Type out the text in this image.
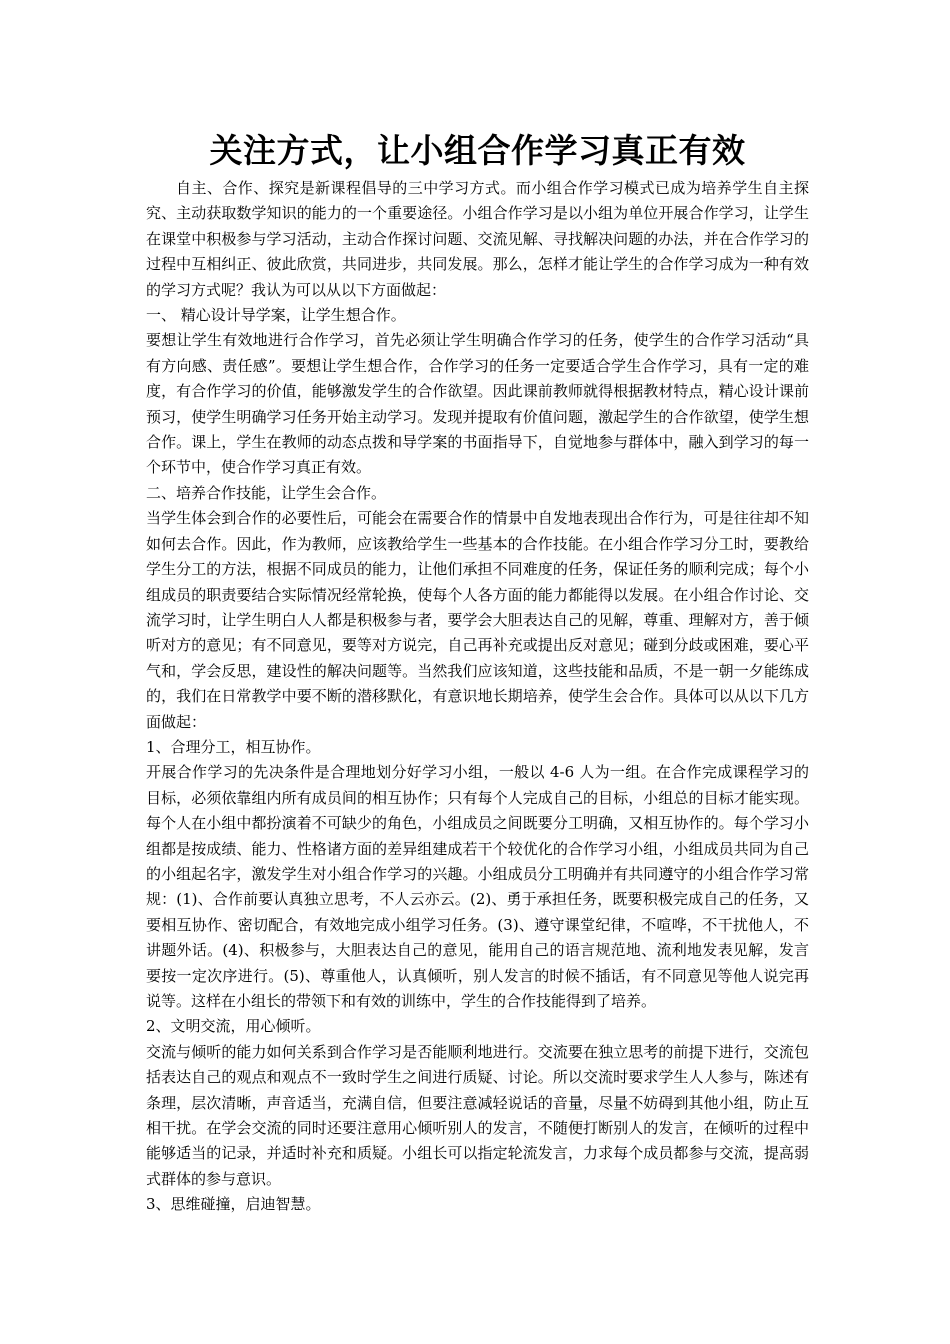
关注方式，让小组合作学习真正有效

自主、合作、探究是新课程倡导的三中学习方式。而小组合作学习模式已成为培养学生自主探究、主动获取数学知识的能力的一个重要途径。小组合作学习是以小组为单位开展合作学习，让学生在课堂中积极参与学习活动，主动合作探讨问题、交流见解、寻找解决问题的办法，并在合作学习的过程中互相纠正、彼此欣赏，共同进步，共同发展。那么，怎样才能让学生的合作学习成为一种有效的学习方式呢？我认为可以从以下方面做起：

一、 精心设计导学案，让学生想合作。

要想让学生有效地进行合作学习，首先必须让学生明确合作学习的任务，使学生的合作学习活动“具有方向感、责任感”。要想让学生想合作，合作学习的任务一定要适合学生合作学习，具有一定的难度，有合作学习的价值，能够激发学生的合作欲望。因此课前教师就得根据教材特点，精心设计课前预习，使学生明确学习任务开始主动学习。发现并提取有价值问题，激起学生的合作欲望，使学生想合作。课上，学生在教师的动态点拨和导学案的书面指导下，自觉地参与群体中，融入到学习的每一个环节中，使合作学习真正有效。

二、培养合作技能，让学生会合作。

当学生体会到合作的必要性后，可能会在需要合作的情景中自发地表现出合作行为，可是往往却不知如何去合作。因此，作为教师，应该教给学生一些基本的合作技能。在小组合作学习分工时，要教给学生分工的方法，根据不同成员的能力，让他们承担不同难度的任务，保证任务的顺利完成；每个小组成员的职责要结合实际情况经常轮换，使每个人各方面的能力都能得以发展。在小组合作讨论、交流学习时，让学生明白人人都是积极参与者，要学会大胆表达自己的见解，尊重、理解对方，善于倾听对方的意见；有不同意见，要等对方说完，自己再补充或提出反对意见；碰到分歧或困难，要心平气和，学会反思，建设性的解决问题等。当然我们应该知道，这些技能和品质，不是一朝一夕能练成的，我们在日常教学中要不断的潜移默化，有意识地长期培养，使学生会合作。具体可以从以下几方面做起：

1、合理分工，相互协作。

开展合作学习的先决条件是合理地划分好学习小组，一般以 4-6 人为一组。在合作完成课程学习的目标，必须依靠组内所有成员间的相互协作；只有每个人完成自己的目标，小组总的目标才能实现。每个人在小组中都扮演着不可缺少的角色，小组成员之间既要分工明确，又相互协作的。每个学习小组都是按成绩、能力、性格诸方面的差异组建成若干个较优化的合作学习小组，小组成员共同为自己的小组起名字，激发学生对小组合作学习的兴趣。小组成员分工明确并有共同遵守的小组合作学习常规：(1)、合作前要认真独立思考，不人云亦云。(2)、勇于承担任务，既要积极完成自己的任务，又要相互协作、密切配合，有效地完成小组学习任务。(3)、遵守课堂纪律，不喧哗，不干扰他人，不讲题外话。(4)、积极参与，大胆表达自己的意见，能用自己的语言规范地、流利地发表见解，发言要按一定次序进行。(5)、尊重他人，认真倾听，别人发言的时候不插话，有不同意见等他人说完再说等。这样在小组长的带领下和有效的训练中，学生的合作技能得到了培养。

2、文明交流，用心倾听。

交流与倾听的能力如何关系到合作学习是否能顺利地进行。交流要在独立思考的前提下进行，交流包括表达自己的观点和观点不一致时学生之间进行质疑、讨论。所以交流时要求学生人人参与，陈述有条理，层次清晰，声音适当，充满自信，但要注意减轻说话的音量，尽量不妨碍到其他小组，防止互相干扰。在学会交流的同时还要注意用心倾听别人的发言，不随便打断别人的发言，在倾听的过程中能够适当的记录，并适时补充和质疑。小组长可以指定轮流发言，力求每个成员都参与交流，提高弱式群体的参与意识。

3、思维碰撞，启迪智慧。
